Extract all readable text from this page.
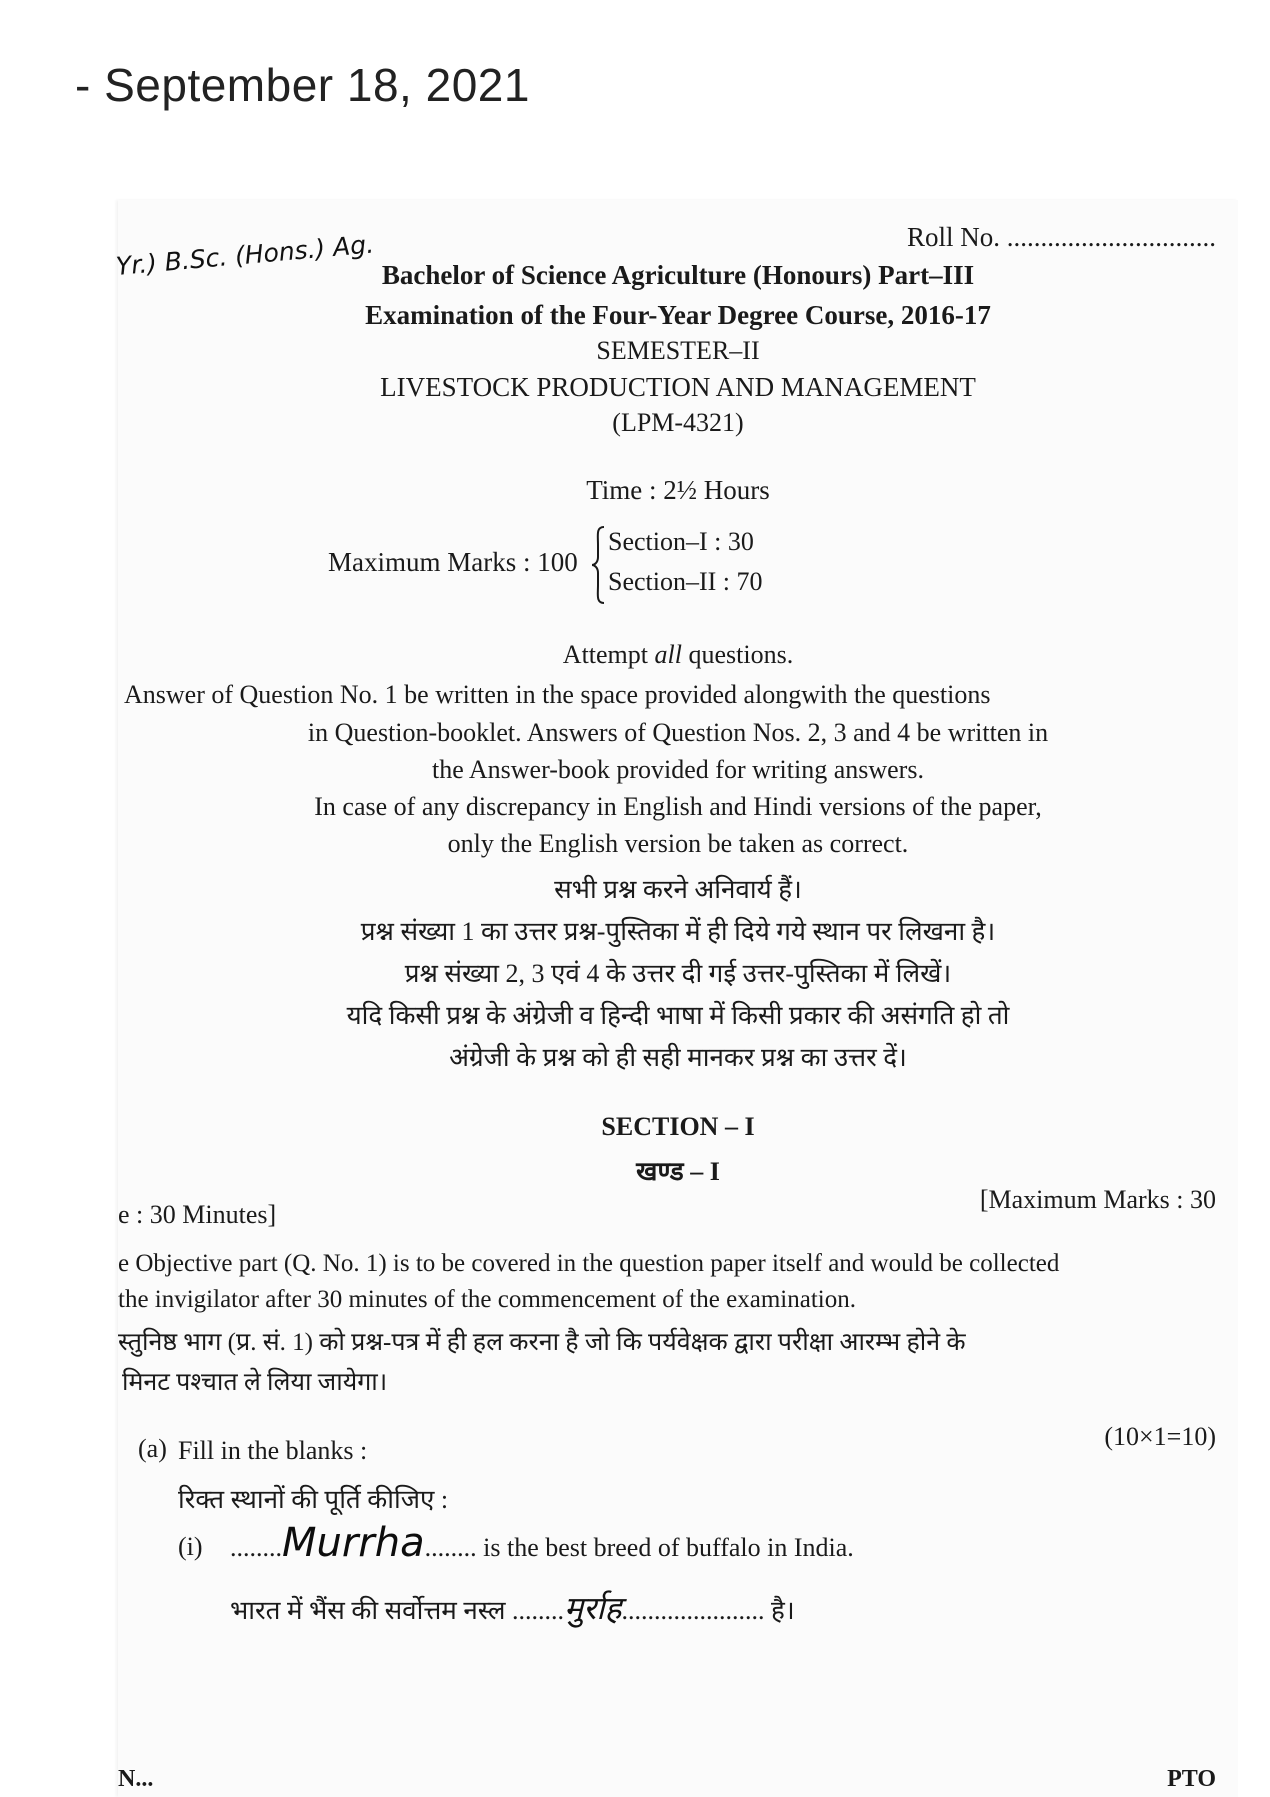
- September 18, 2021
Roll No. ...............................
Yr.) B.Sc. (Hons.) Ag. Bachelor of Science Agriculture (Honours) Part–III
Examination of the Four-Year Degree Course, 2016-17
SEMESTER–II
LIVESTOCK PRODUCTION AND MANAGEMENT
(LPM-4321)
Time : 2½ Hours
Maximum Marks : 100
Section–I : 30
Section–II : 70
Attempt all questions.
Answer of Question No. 1 be written in the space provided alongwith the questions
in Question-booklet. Answers of Question Nos. 2, 3 and 4 be written in
the Answer-book provided for writing answers.
In case of any discrepancy in English and Hindi versions of the paper,
only the English version be taken as correct.
सभी प्रश्न करने अनिवार्य हैं।
प्रश्न संख्या 1 का उत्तर प्रश्न-पुस्तिका में ही दिये गये स्थान पर लिखना है।
प्रश्न संख्या 2, 3 एवं 4 के उत्तर दी गई उत्तर-पुस्तिका में लिखें।
यदि किसी प्रश्न के अंग्रेजी व हिन्दी भाषा में किसी प्रकार की असंगति हो तो
अंग्रेजी के प्रश्न को ही सही मानकर प्रश्न का उत्तर दें।
SECTION – I
खण्ड – I
e : 30 Minutes]
[Maximum Marks : 30
e Objective part (Q. No. 1) is to be covered in the question paper itself and would be collected
the invigilator after 30 minutes of the commencement of the examination.
स्तुनिष्ठ भाग (प्र. सं. 1) को प्रश्न-पत्र में ही हल करना है जो कि पर्यवेक्षक द्वारा परीक्षा आरम्भ होने के
मिनट पश्चात ले लिया जायेगा।
(10×1=10)
(a) Fill in the blanks :
रिक्त स्थानों की पूर्ति कीजिए :
(i) ........Murrha........ is the best breed of buffalo in India.
भारत में भैंस की सर्वोत्तम नस्ल ........मुर्राह...................... है।
N...	PTO
